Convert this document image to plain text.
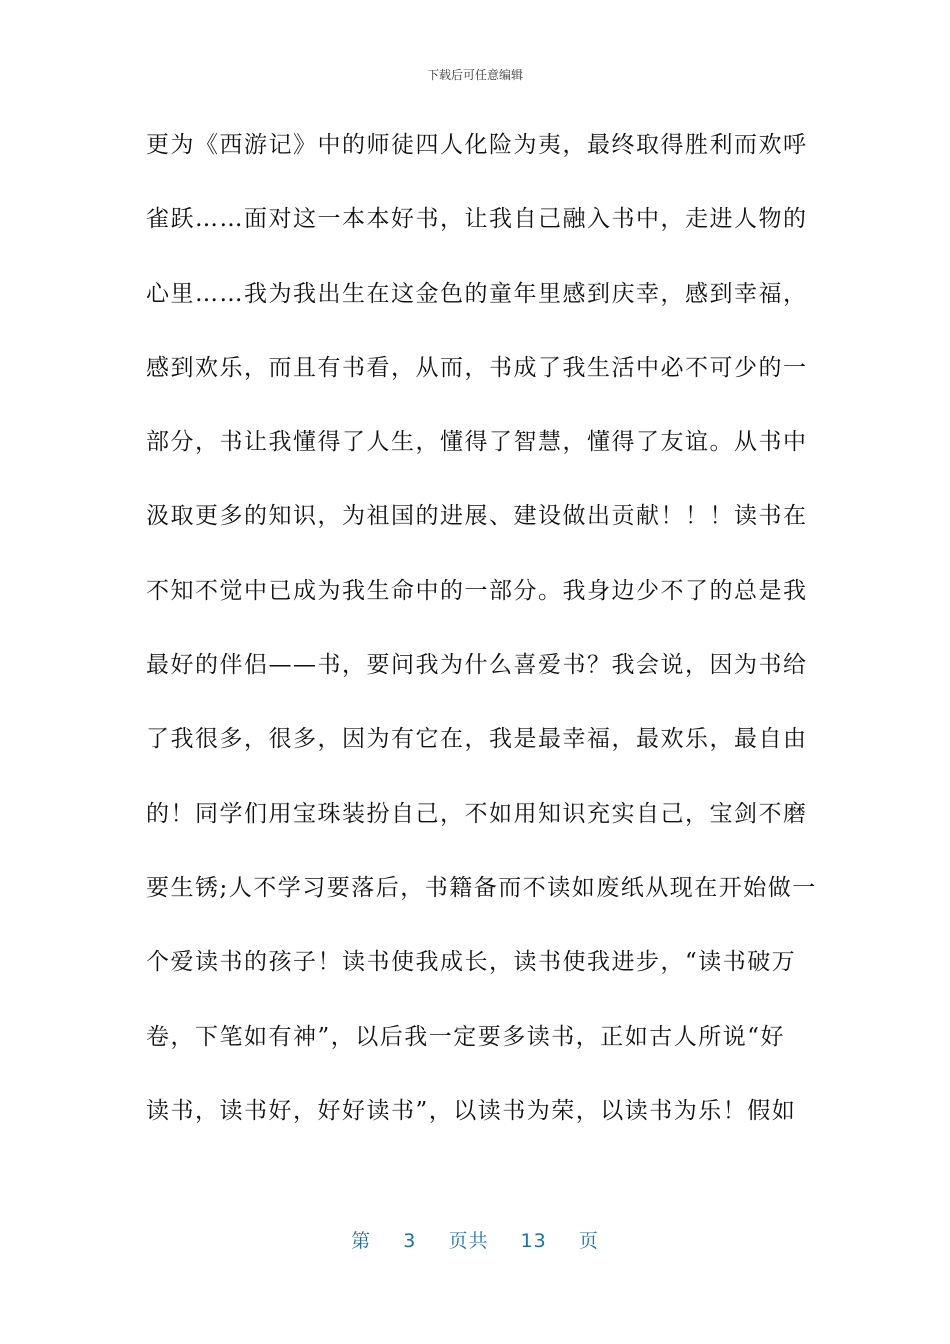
下载后可任意编辑
更为《西游记》中的师徒四人化险为夷，最终取得胜利而欢呼
雀跃……面对这一本本好书，让我自己融入书中，走进人物的
心里……我为我出生在这金色的童年里感到庆幸，感到幸福，
感到欢乐，而且有书看，从而，书成了我生活中必不可少的一
部分，书让我懂得了人生，懂得了智慧，懂得了友谊。从书中
汲取更多的知识，为祖国的进展、建设做出贡献！！！读书在
不知不觉中已成为我生命中的一部分。我身边少不了的总是我
最好的伴侣——书，要问我为什么喜爱书？我会说，因为书给
了我很多，很多，因为有它在，我是最幸福，最欢乐，最自由
的！同学们用宝珠装扮自己，不如用知识充实自己，宝剑不磨
要生锈;人不学习要落后，书籍备而不读如废纸从现在开始做一
个爱读书的孩子！读书使我成长，读书使我进步，“读书破万
卷，下笔如有神”，以后我一定要多读书，正如古人所说“好
读书，读书好，好好读书”，以读书为荣，以读书为乐！假如
第 3 页共 13 页
